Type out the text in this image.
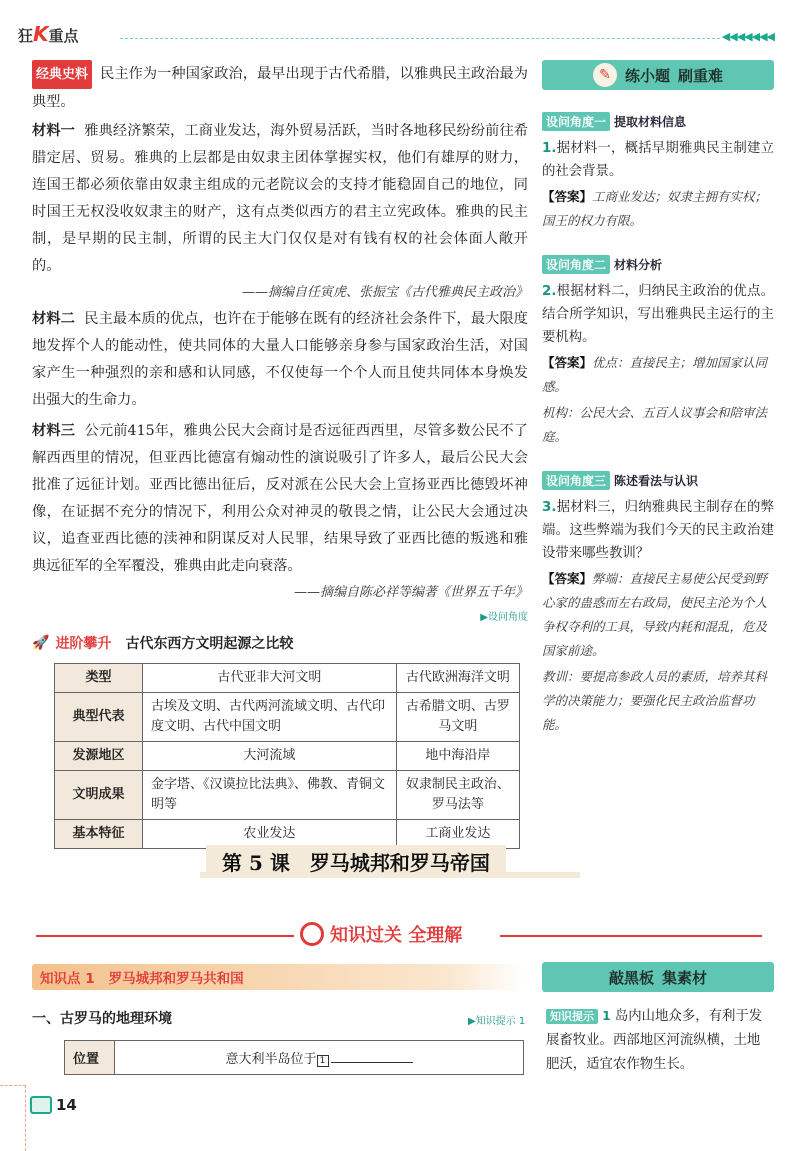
狂K重点	◀◀◀◀◀◀◀

经典史料 民主作为一种国家政治，最早出现于古代希腊，以雅典民主政治最为典型。

材料一 雅典经济繁荣，工商业发达，海外贸易活跃，当时各地移民纷纷前往希腊定居、贸易。雅典的上层都是由奴隶主团体掌握实权，他们有雄厚的财力，连国王都必须依靠由奴隶主组成的元老院议会的支持才能稳固自己的地位，同时国王无权没收奴隶主的财产，这有点类似西方的君主立宪政体。雅典的民主制，是早期的民主制，所谓的民主大门仅仅是对有钱有权的社会体面人敞开的。

——摘编自任寅虎、张振宝《古代雅典民主政治》

材料二 民主最本质的优点，也许在于能够在既有的经济社会条件下，最大限度地发挥个人的能动性，使共同体的大量人口能够亲身参与国家政治生活，对国家产生一种强烈的亲和感和认同感，不仅使每一个个人而且使共同体本身焕发出强大的生命力。

材料三 公元前415年，雅典公民大会商讨是否远征西西里，尽管多数公民不了解西西里的情况，但亚西比德富有煽动性的演说吸引了许多人，最后公民大会批准了远征计划。亚西比德出征后，反对派在公民大会上宣扬亚西比德毁坏神像，在证据不充分的情况下，利用公众对神灵的敬畏之情，让公民大会通过决议，追查亚西比德的渎神和阴谋反对人民罪，结果导致了亚西比德的叛逃和雅典远征军的全军覆没，雅典由此走向衰落。

——摘编自陈必祥等编著《世界五千年》

▶设问角度

🚀 进阶攀升 古代东西方文明起源之比较
类型	古代亚非大河文明	古代欧洲海洋文明
典型代表	古埃及文明、古代两河流域文明、古代印度文明、古代中国文明	古希腊文明、古罗马文明
发源地区	大河流域	地中海沿岸
文明成果	金字塔、《汉谟拉比法典》、佛教、青铜文明等	奴隶制民主政治、罗马法等
基本特征	农业发达	工商业发达
✎ 练小题 刷重难
设问角度一 提取材料信息

1.据材料一，概括早期雅典民主制建立的社会背景。

【答案】工商业发达；奴隶主拥有实权；国王的权力有限。

设问角度二 材料分析

2.根据材料二，归纳民主政治的优点。结合所学知识，写出雅典民主运行的主要机构。

【答案】优点：直接民主；增加国家认同感。

机构：公民大会、五百人议事会和陪审法庭。

设问角度三 陈述看法与认识

3.据材料三，归纳雅典民主制存在的弊端。这些弊端为我们今天的民主政治建设带来哪些教训？

【答案】弊端：直接民主易使公民受到野心家的蛊惑而左右政局，使民主沦为个人争权夺利的工具，导致内耗和混乱，危及国家前途。

教训：要提高参政人员的素质，培养其科学的决策能力；要强化民主政治监督功能。

第 5 课　罗马城邦和罗马帝国
知识过关 全理解
知识点 1 罗马城邦和罗马共和国
一、古罗马的地理环境	▶知识提示 1
位置	意大利半岛位于 1
敲黑板 集素材
知识提示 1 岛内山地众多，有利于发展畜牧业。西部地区河流纵横，土地肥沃，适宜农作物生长。
14
